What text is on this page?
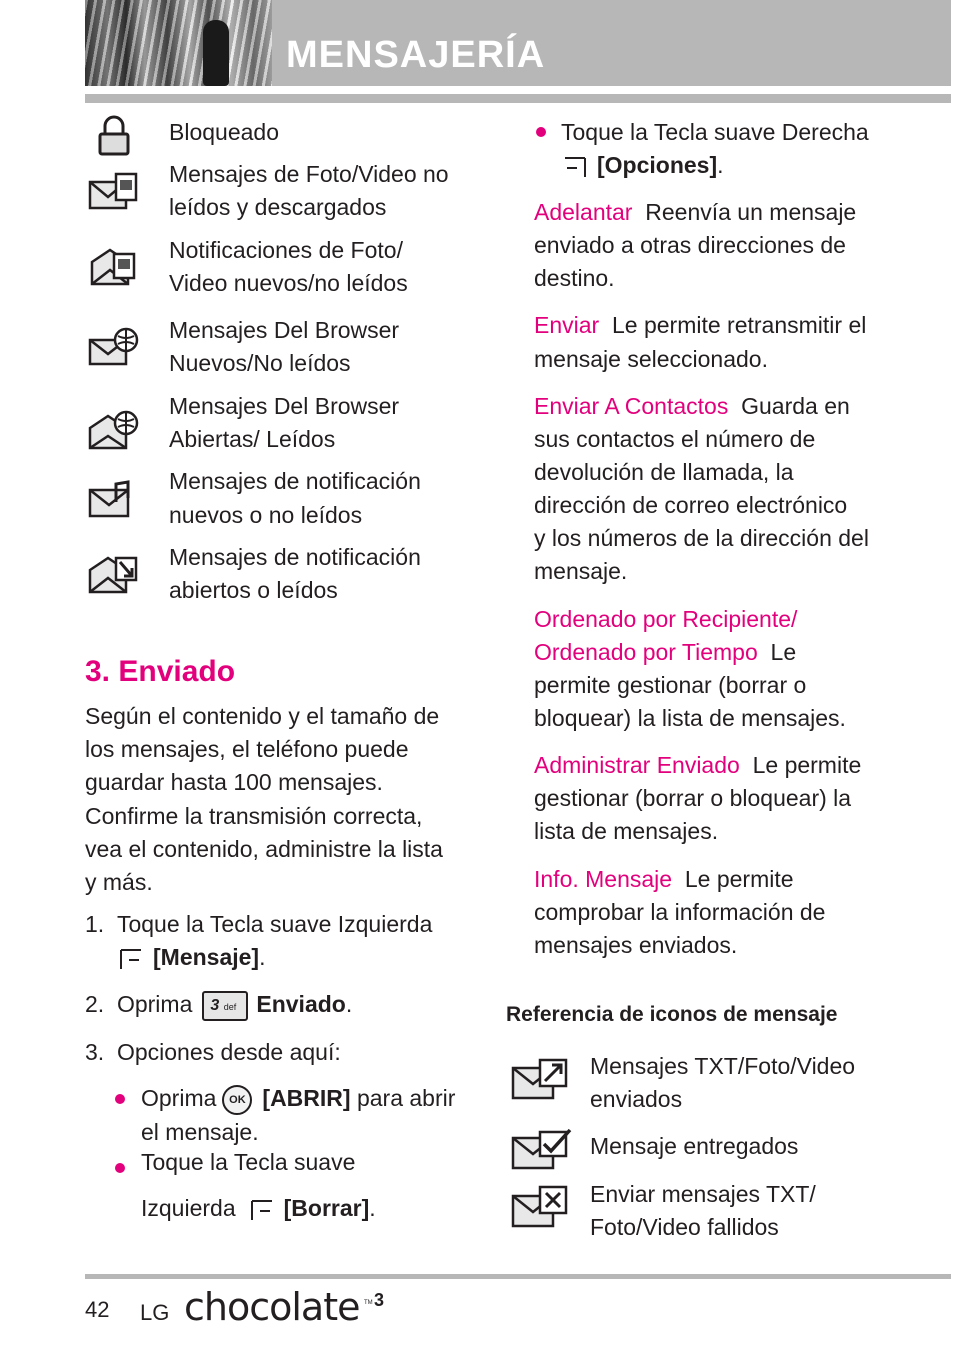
MENSAJERÍA

Bloqueado

Mensajes de Foto/Video no

leídos y descargados

Notificaciones de Foto/

Video nuevos/no leídos

Mensajes Del Browser

Nuevos/No leídos

Mensajes Del Browser

Abiertas/ Leídos

Mensajes de notificación

nuevos o no leídos

Mensajes de notificación

abiertos o leídos

3. Enviado

Según el contenido y el tamaño de

los mensajes, el teléfono puede

guardar hasta 100 mensajes.

Confirme la transmisión correcta,

vea el contenido, administre la lista

y más.

1. Toque la Tecla suave Izquierda

[Mensaje].

2. Oprima 3 def Enviado.

3. Opciones desde aquí:

Oprima OK [ABRIR] para abrir

el mensaje.

Toque la Tecla suave

Izquierda [Borrar].

Toque la Tecla suave Derecha

[Opciones].

Adelantar Reenvía un mensaje

enviado a otras direcciones de

destino.

Enviar Le permite retransmitir el

mensaje seleccionado.

Enviar A Contactos Guarda en

sus contactos el número de

devolución de llamada, la

dirección de correo electrónico

y los números de la dirección del

mensaje.

Ordenado por Recipiente/

Ordenado por Tiempo Le

permite gestionar (borrar o

bloquear) la lista de mensajes.

Administrar Enviado Le permite

gestionar (borrar o bloquear) la

lista de mensajes.

Info. Mensaje Le permite

comprobar la información de

mensajes enviados.

Referencia de iconos de mensaje

Mensajes TXT/Foto/Video

enviados

Mensaje entregados

Enviar mensajes TXT/

Foto/Video fallidos

42 LG chocolate TM 3
